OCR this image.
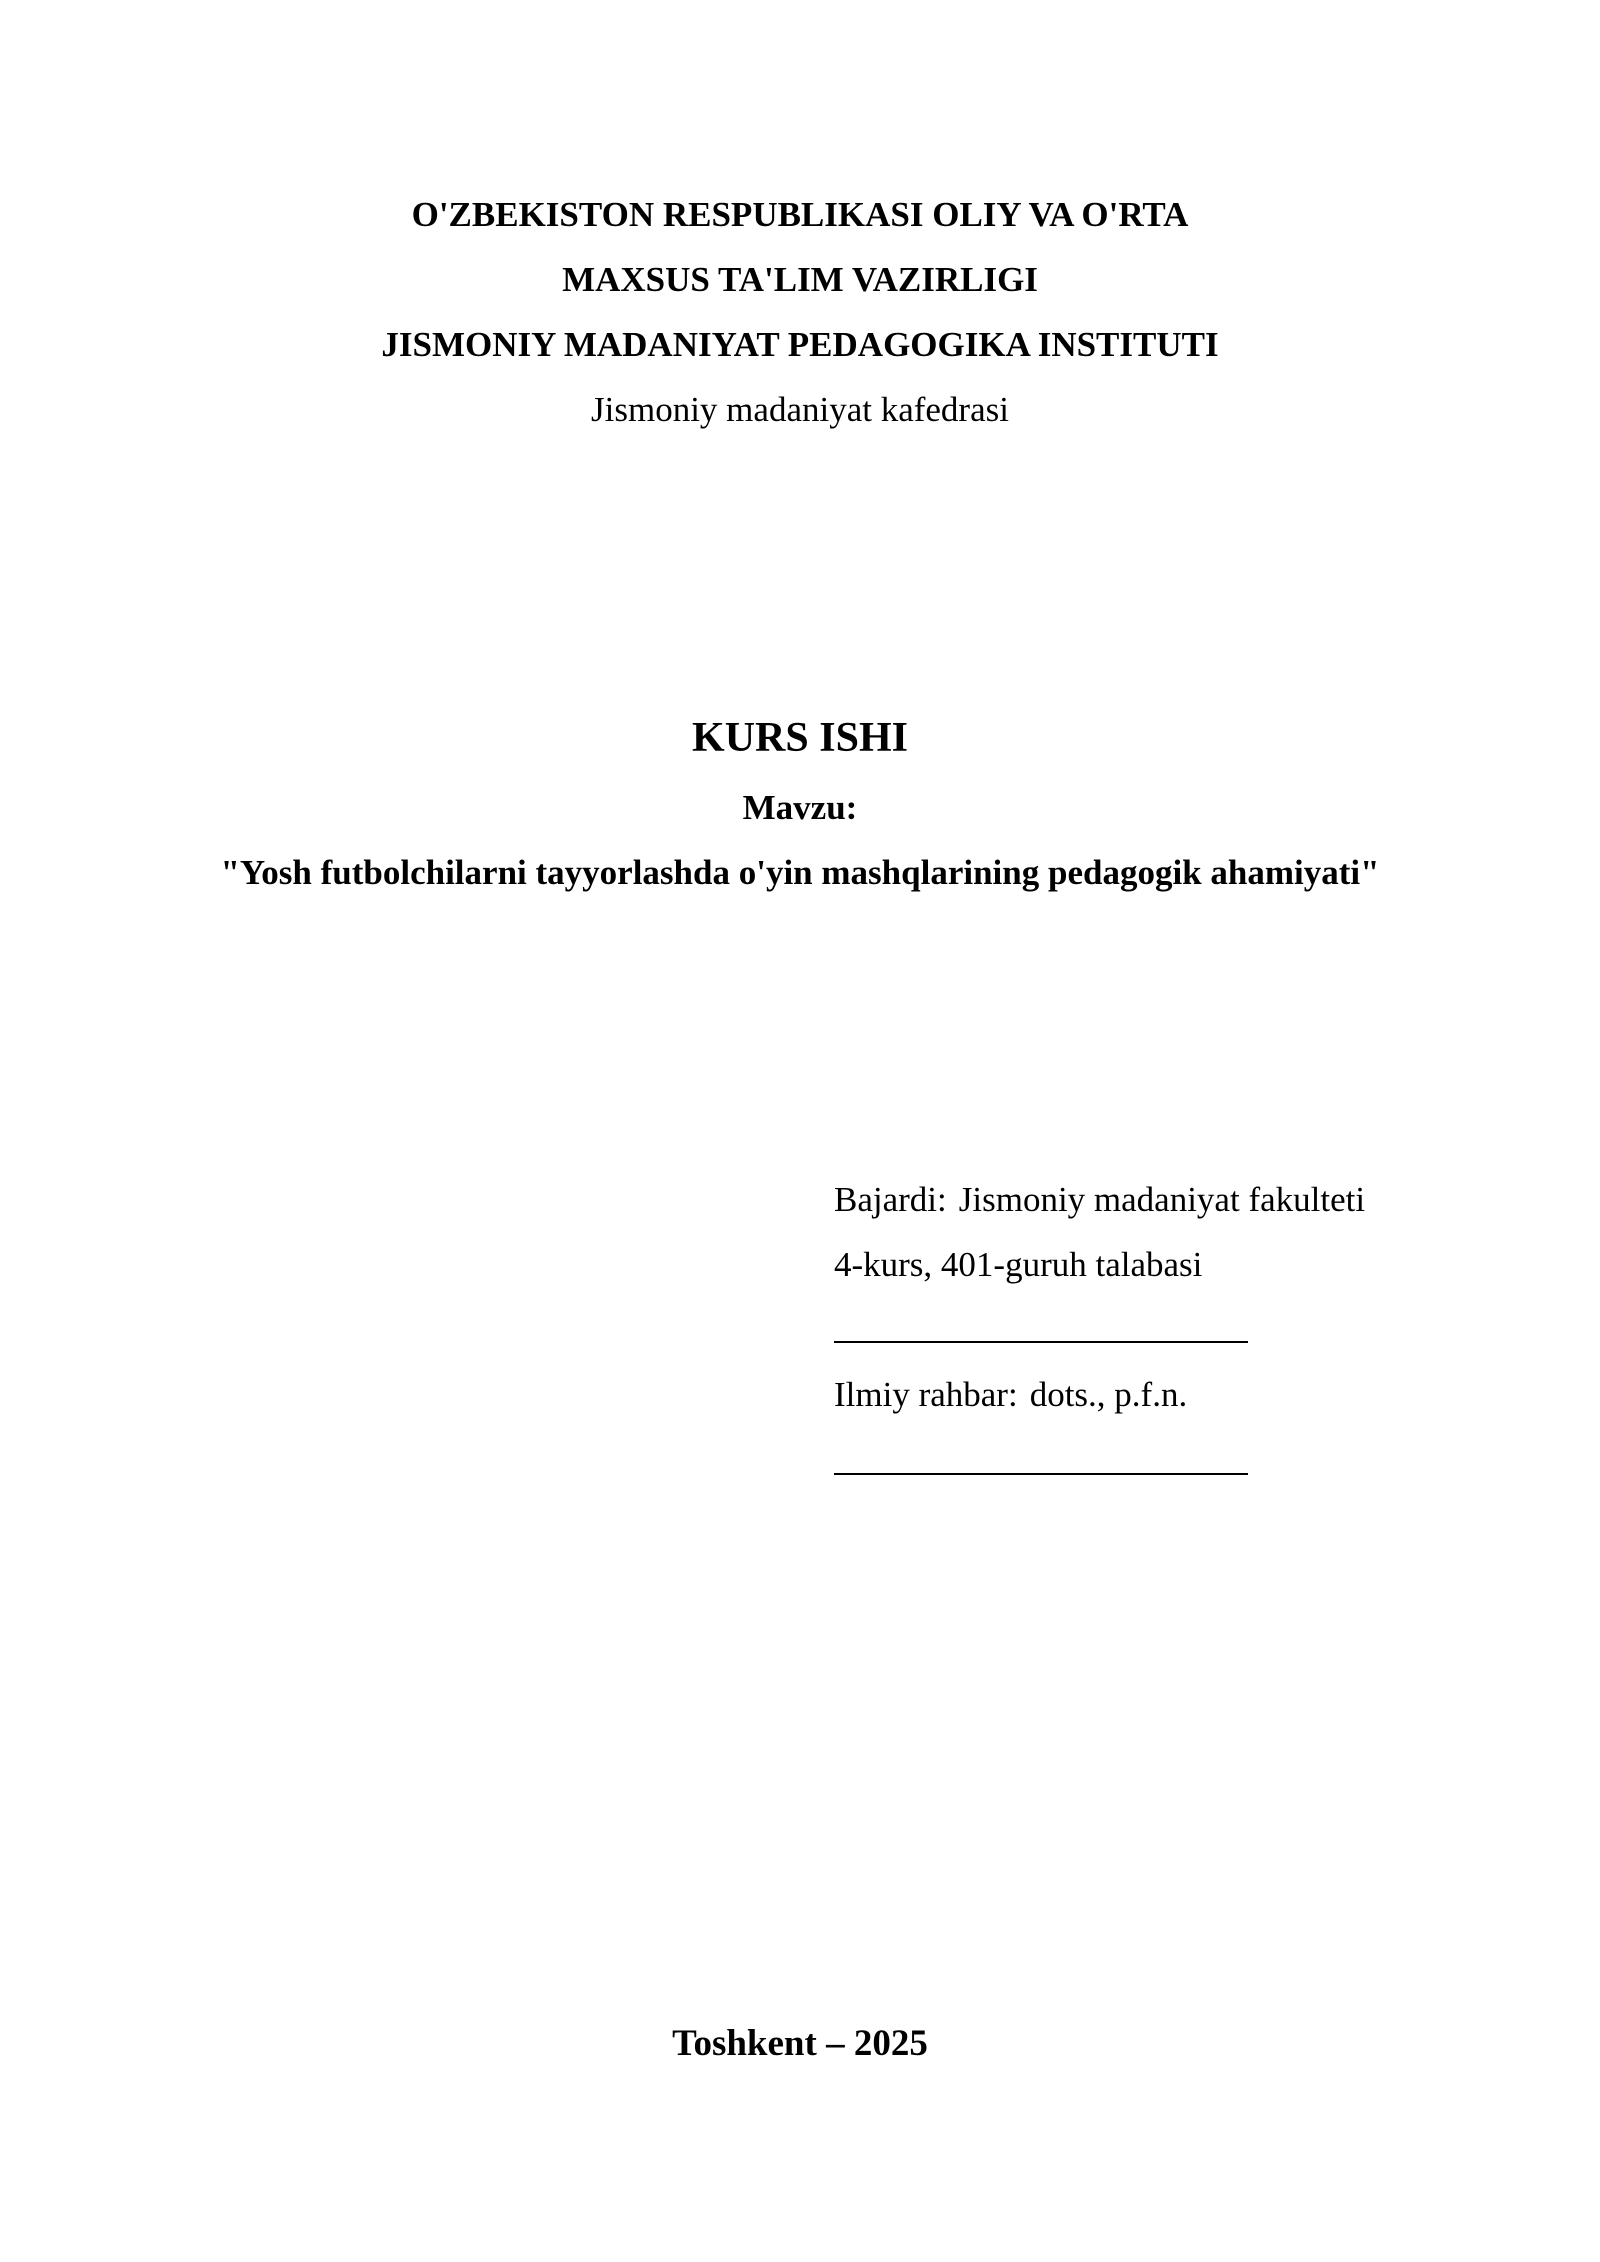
O'ZBEKISTON RESPUBLIKASI OLIY VA O'RTA
MAXSUS TA'LIM VAZIRLIGI
JISMONIY MADANIYAT PEDAGOGIKA INSTITUTI
Jismoniy madaniyat kafedrasi
KURS ISHI
Mavzu:
"Yosh futbolchilarni tayyorlashda o'yin mashqlarining pedagogik ahamiyati"
Bajardi: Jismoniy madaniyat fakulteti
4-kurs, 401-guruh talabasi
Ilmiy rahbar: dots., p.f.n.
Toshkent – 2025
